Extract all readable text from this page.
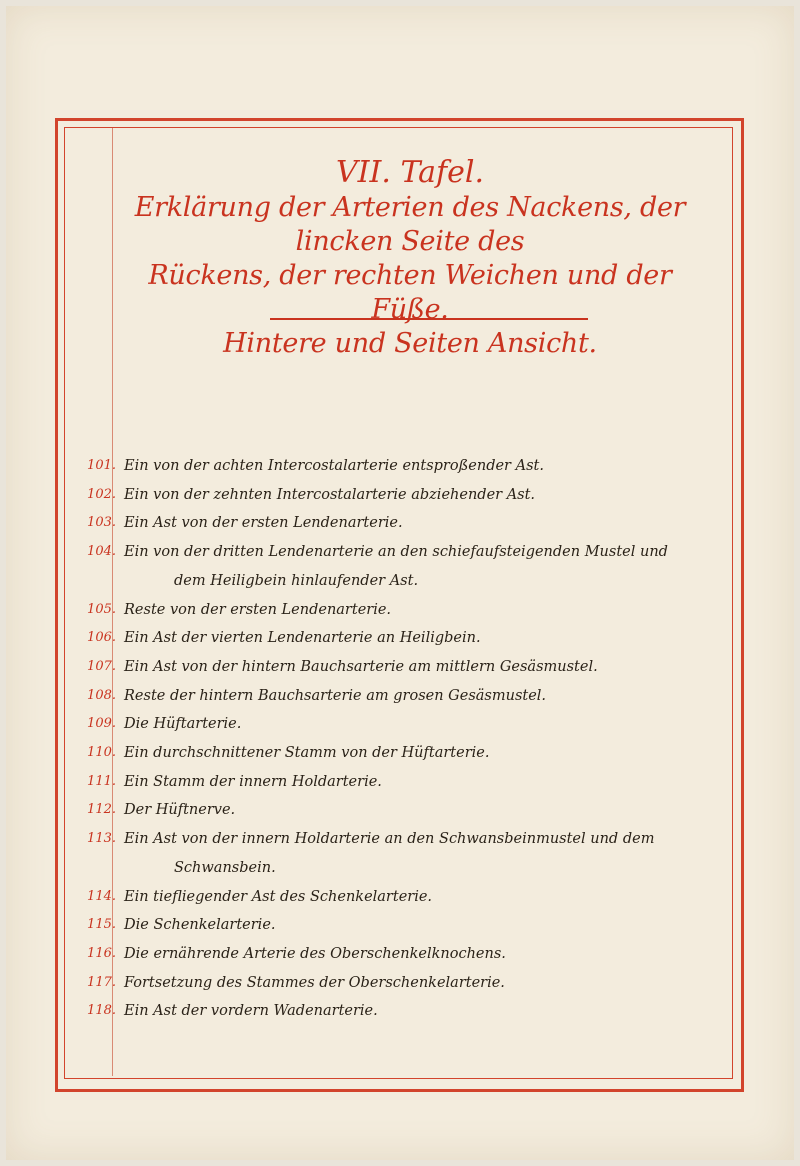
VII. Tafel.
Erklärung der Arterien des Nackens, der lincken Seite des
Rückens, der rechten Weichen und der Füße.
Hintere und Seiten Ansicht.
101. Ein von der achten Intercostalarterie entsproßender Ast.
102. Ein von der zehnten Intercostalarterie abziehender Ast.
103. Ein Ast von der ersten Lendenarterie.
104. Ein von der dritten Lendenarterie an den schiefaufsteigenden Mustel und
dem Heiligbein hinlaufender Ast.
105. Reste von der ersten Lendenarterie.
106. Ein Ast der vierten Lendenarterie an Heiligbein.
107. Ein Ast von der hintern Bauchsarterie am mittlern Gesäsmustel.
108. Reste der hintern Bauchsarterie am grosen Gesäsmustel.
109. Die Hüftarterie.
110. Ein durchschnittener Stamm von der Hüftarterie.
111. Ein Stamm der innern Holdarterie.
112. Der Hüftnerve.
113. Ein Ast von der innern Holdarterie an den Schwansbeinmustel und dem
Schwansbein.
114. Ein tiefliegender Ast des Schenkelarterie.
115. Die Schenkelarterie.
116. Die ernährende Arterie des Oberschenkelknochens.
117. Fortsetzung des Stammes der Oberschenkelarterie.
118. Ein Ast der vordern Wadenarterie.
